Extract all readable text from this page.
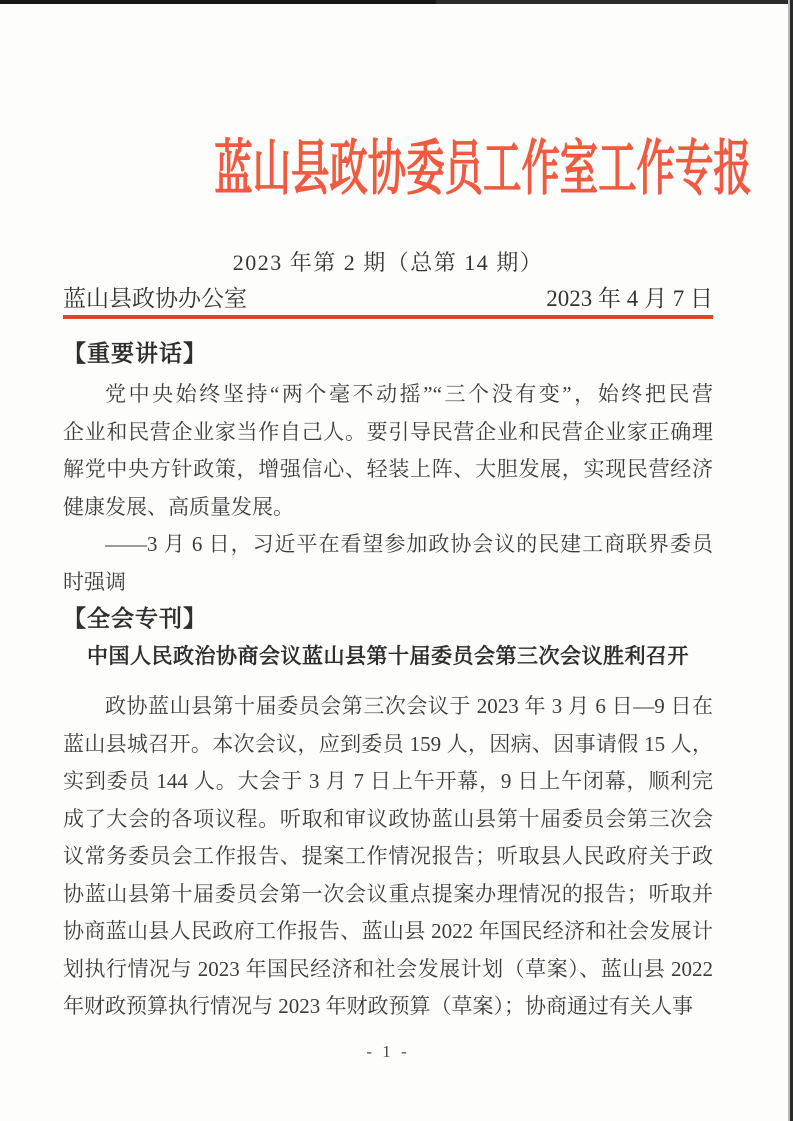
蓝山县政协委员工作室工作专报
2023 年第 2 期（总第 14 期）
蓝山县政协办公室	2023 年 4 月 7 日
【重要讲话】
党中央始终坚持“两个毫不动摇”“三个没有变”，始终把民营
企业和民营企业家当作自己人。要引导民营企业和民营企业家正确理
解党中央方针政策，增强信心、轻装上阵、大胆发展，实现民营经济
健康发展、高质量发展。
——3 月 6 日，习近平在看望参加政协会议的民建工商联界委员
时强调
【全会专刊】
中国人民政治协商会议蓝山县第十届委员会第三次会议胜利召开
政协蓝山县第十届委员会第三次会议于 2023 年 3 月 6 日—9 日在
蓝山县城召开。本次会议，应到委员 159 人，因病、因事请假 15 人，
实到委员 144 人。大会于 3 月 7 日上午开幕，9 日上午闭幕，顺利完
成了大会的各项议程。听取和审议政协蓝山县第十届委员会第三次会
议常务委员会工作报告、提案工作情况报告；听取县人民政府关于政
协蓝山县第十届委员会第一次会议重点提案办理情况的报告；听取并
协商蓝山县人民政府工作报告、蓝山县 2022 年国民经济和社会发展计
划执行情况与 2023 年国民经济和社会发展计划（草案）、蓝山县 2022
年财政预算执行情况与 2023 年财政预算（草案）；协商通过有关人事
- 1 -
